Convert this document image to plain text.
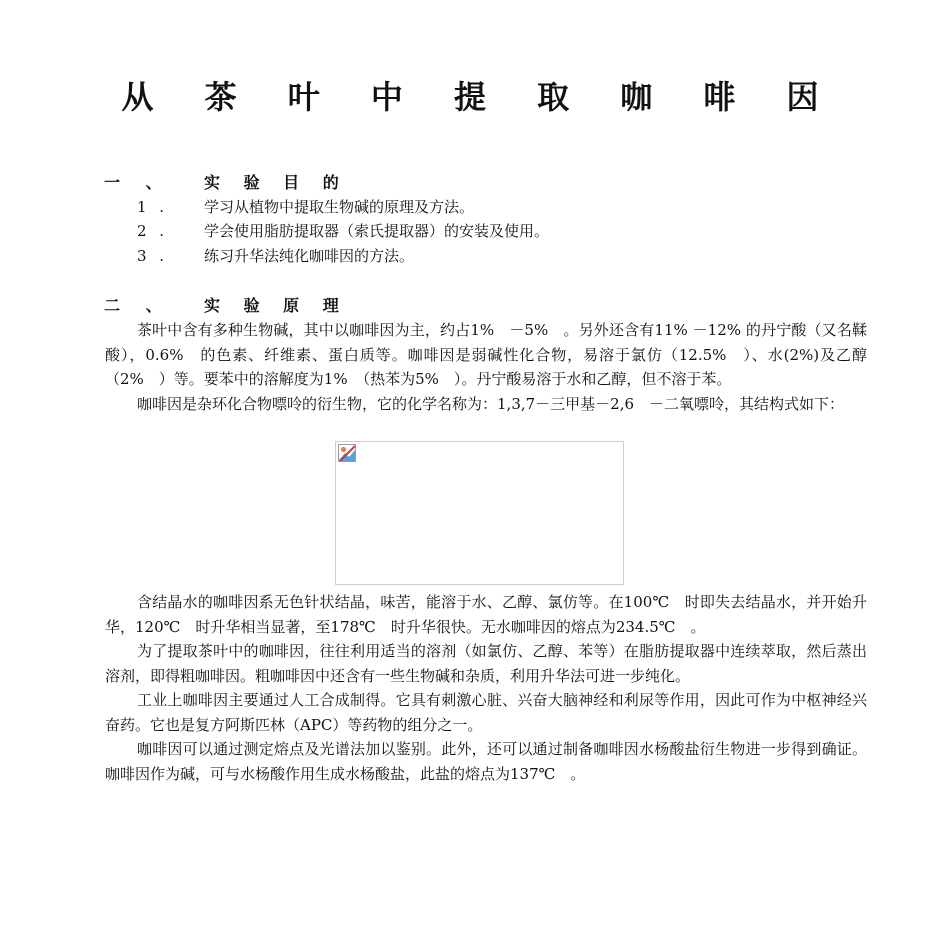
从 茶 叶 中 提 取 咖 啡 因
一 、 实 验 目 的
1 . 学习从植物中提取生物碱的原理及方法。
2 . 学会使用脂肪提取器（索氏提取器）的安装及使用。
3 . 练习升华法纯化咖啡因的方法。
二 、 实 验 原 理

茶叶中含有多种生物碱，其中以咖啡因为主，约占1%　－5%　。另外还含有11% －12% 的丹宁酸（又名鞣酸），0.6%　的色素、纤维素、蛋白质等。咖啡因是弱碱性化合物，易溶于氯仿（12.5%　）、水(2%)及乙醇（2%　）等。要苯中的溶解度为1%　（热苯为5%　）。丹宁酸易溶于水和乙醇，但不溶于苯。

咖啡因是杂环化合物嘌呤的衍生物，它的化学名称为：1,3,7－三甲基－2,6　－二氧嘌呤，其结构式如下：

含结晶水的咖啡因系无色针状结晶，味苦，能溶于水、乙醇、氯仿等。在100℃　时即失去结晶水，并开始升华，120℃　时升华相当显著，至178℃　时升华很快。无水咖啡因的熔点为234.5℃　。

为了提取茶叶中的咖啡因，往往利用适当的溶剂（如氯仿、乙醇、苯等）在脂肪提取器中连续萃取，然后蒸出溶剂，即得粗咖啡因。粗咖啡因中还含有一些生物碱和杂质，利用升华法可进一步纯化。

工业上咖啡因主要通过人工合成制得。它具有刺激心脏、兴奋大脑神经和利尿等作用，因此可作为中枢神经兴奋药。它也是复方阿斯匹林（APC）等药物的组分之一。

咖啡因可以通过测定熔点及光谱法加以鉴别。此外，还可以通过制备咖啡因水杨酸盐衍生物进一步得到确证。咖啡因作为碱，可与水杨酸作用生成水杨酸盐，此盐的熔点为137℃　。
